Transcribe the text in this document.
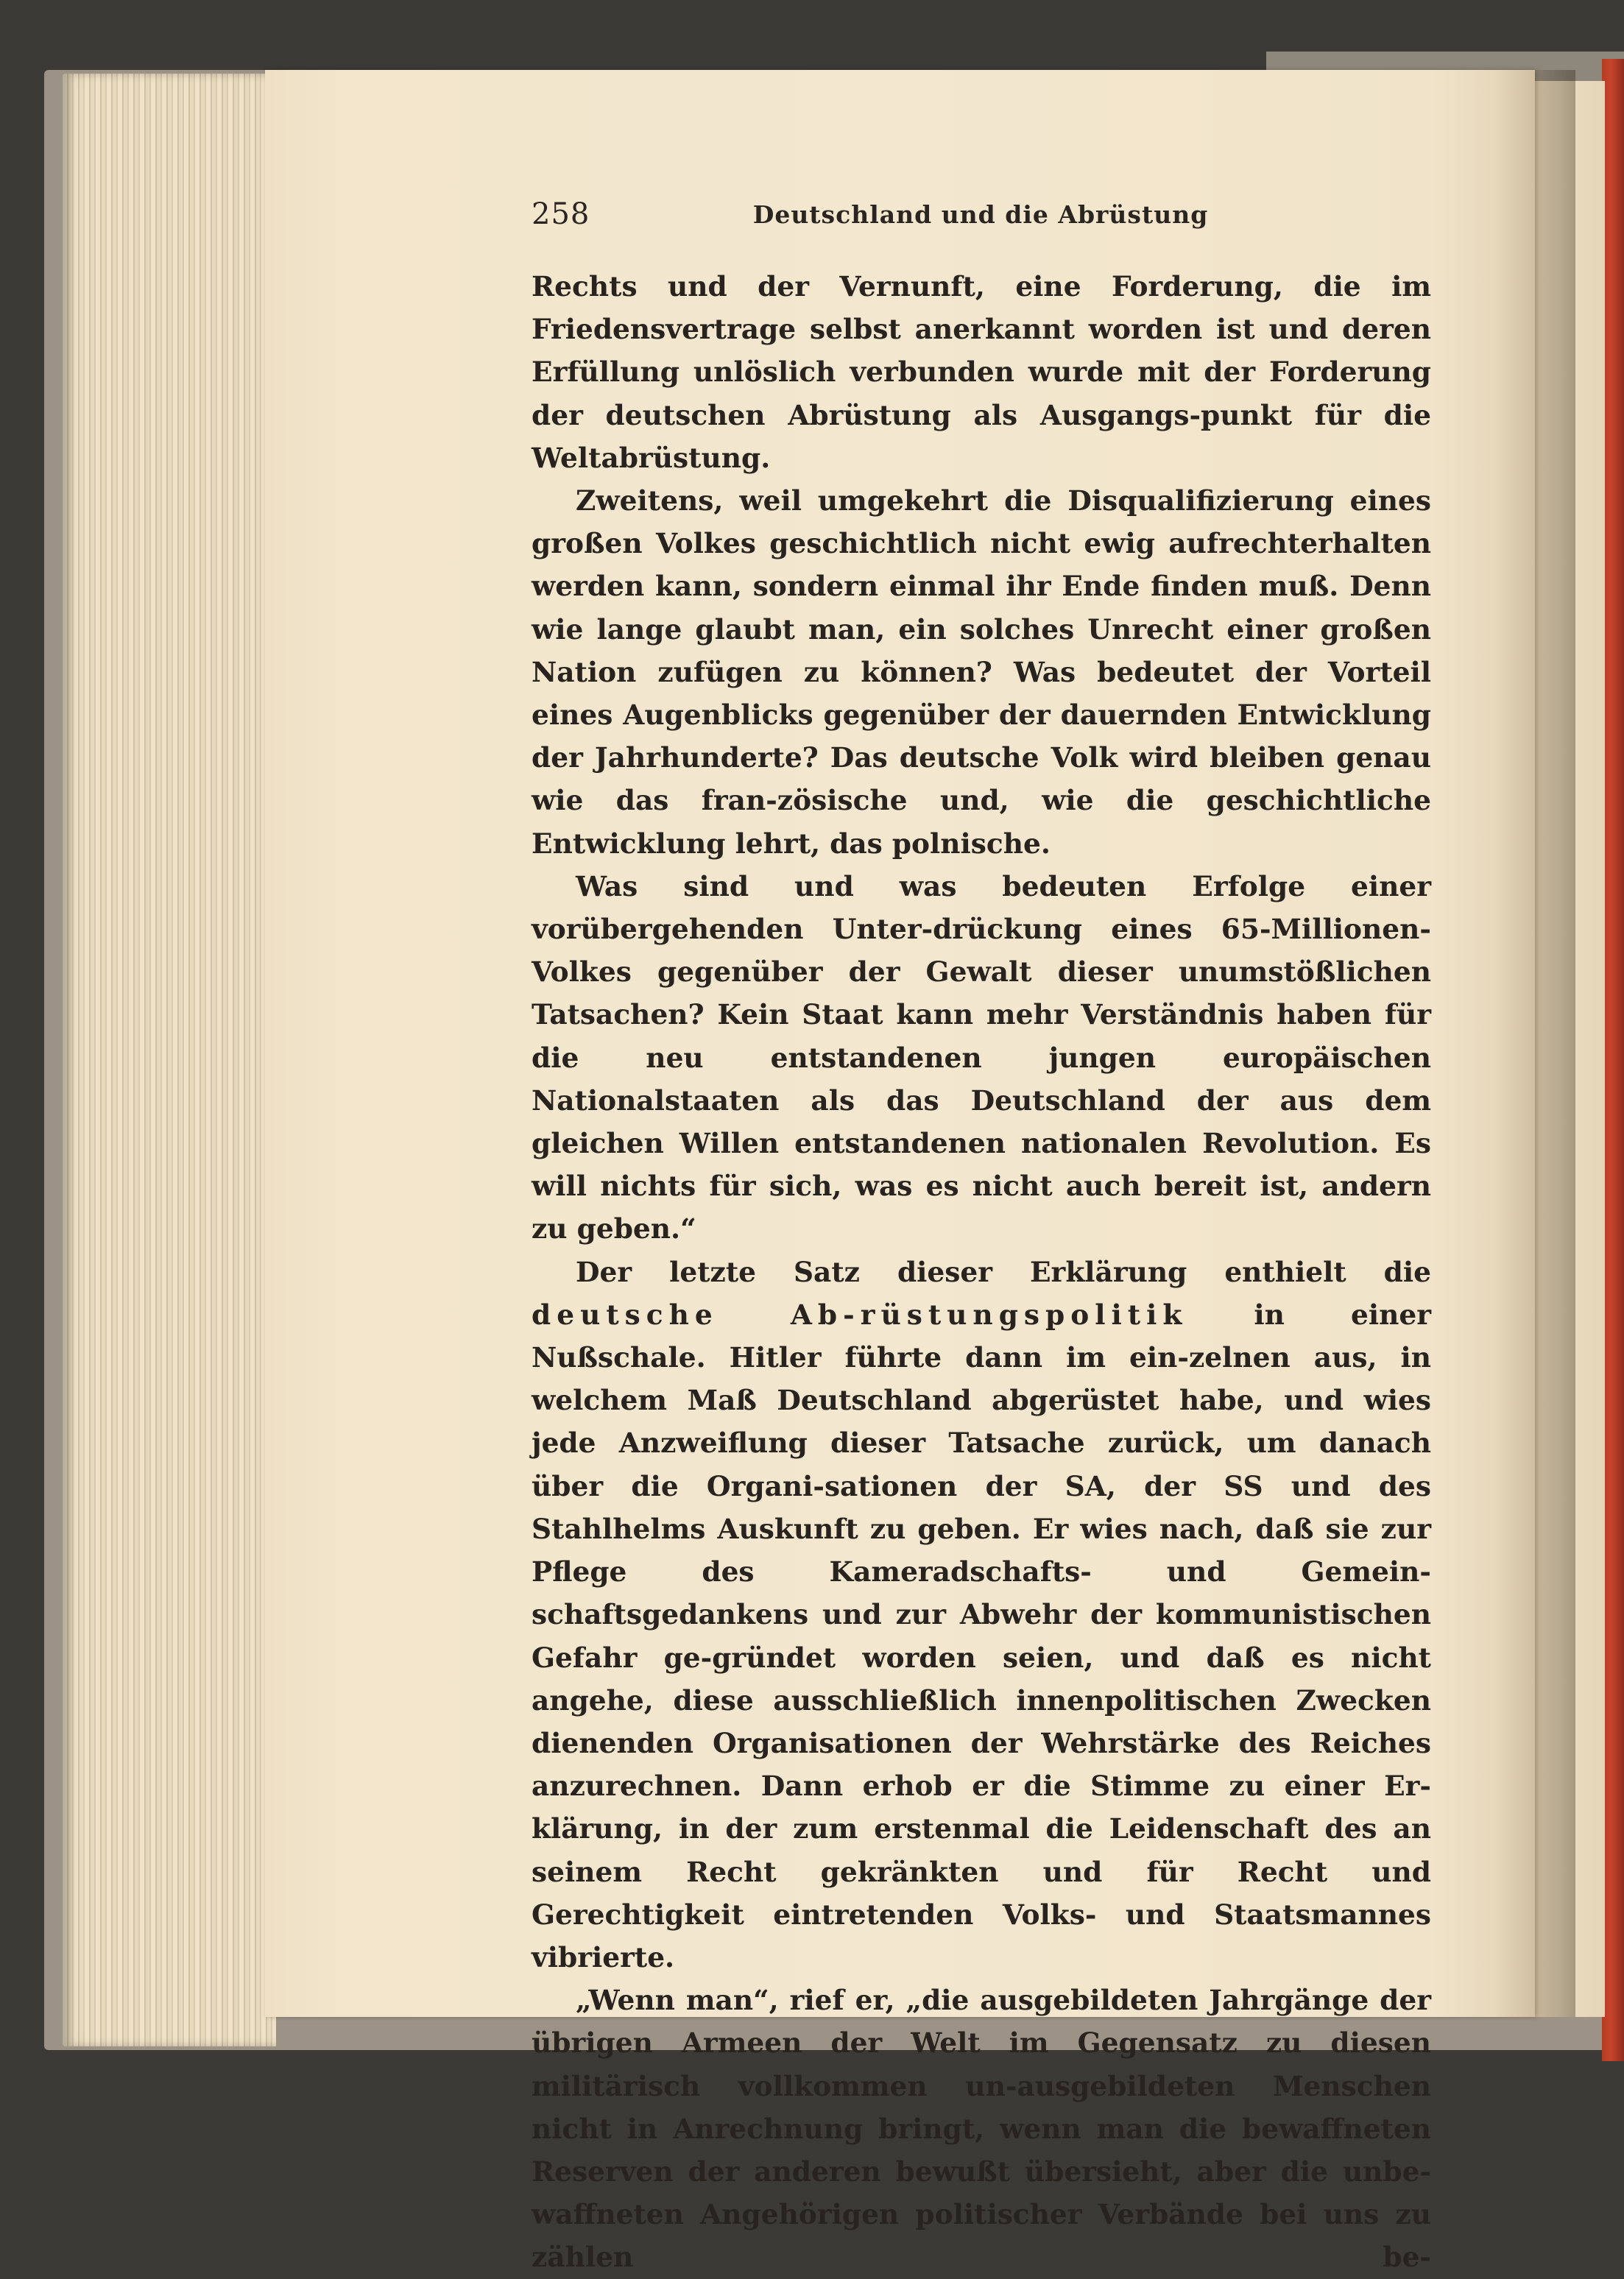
258	Deutschland und die Abrüstung

Rechts und der Vernunft, eine Forderung, die im Friedensvertrage selbst anerkannt worden ist und deren Erfüllung unlöslich verbunden wurde mit der Forderung der deutschen Abrüstung als Ausgangs-punkt für die Weltabrüstung.

Zweitens, weil umgekehrt die Disqualifizierung eines großen Volkes geschichtlich nicht ewig aufrechterhalten werden kann, sondern einmal ihr Ende finden muß. Denn wie lange glaubt man, ein solches Unrecht einer großen Nation zufügen zu können? Was bedeutet der Vorteil eines Augenblicks gegenüber der dauernden Entwicklung der Jahrhunderte? Das deutsche Volk wird bleiben genau wie das fran-zösische und, wie die geschichtliche Entwicklung lehrt, das polnische.

Was sind und was bedeuten Erfolge einer vorübergehenden Unter-drückung eines 65-Millionen-Volkes gegenüber der Gewalt dieser unumstößlichen Tatsachen? Kein Staat kann mehr Verständnis haben für die neu entstandenen jungen europäischen Nationalstaaten als das Deutschland der aus dem gleichen Willen entstandenen nationalen Revolution. Es will nichts für sich, was es nicht auch bereit ist, andern zu geben.“

Der letzte Satz dieser Erklärung enthielt die deutsche Ab-rüstungspolitik in einer Nußschale. Hitler führte dann im ein-zelnen aus, in welchem Maß Deutschland abgerüstet habe, und wies jede Anzweiflung dieser Tatsache zurück, um danach über die Organi-sationen der SA, der SS und des Stahlhelms Auskunft zu geben. Er wies nach, daß sie zur Pflege des Kameradschafts- und Gemein-schaftsgedankens und zur Abwehr der kommunistischen Gefahr ge-gründet worden seien, und daß es nicht angehe, diese ausschließlich innenpolitischen Zwecken dienenden Organisationen der Wehrstärke des Reiches anzurechnen. Dann erhob er die Stimme zu einer Er-klärung, in der zum erstenmal die Leidenschaft des an seinem Recht gekränkten und für Recht und Gerechtigkeit eintretenden Volks- und Staatsmannes vibrierte.

„Wenn man“, rief er, „die ausgebildeten Jahrgänge der übrigen Armeen der Welt im Gegensatz zu diesen militärisch vollkommen un-ausgebildeten Menschen nicht in Anrechnung bringt, wenn man die bewaffneten Reserven der anderen bewußt übersieht, aber die unbe-waffneten Angehörigen politischer Verbände bei uns zu zählen be-
